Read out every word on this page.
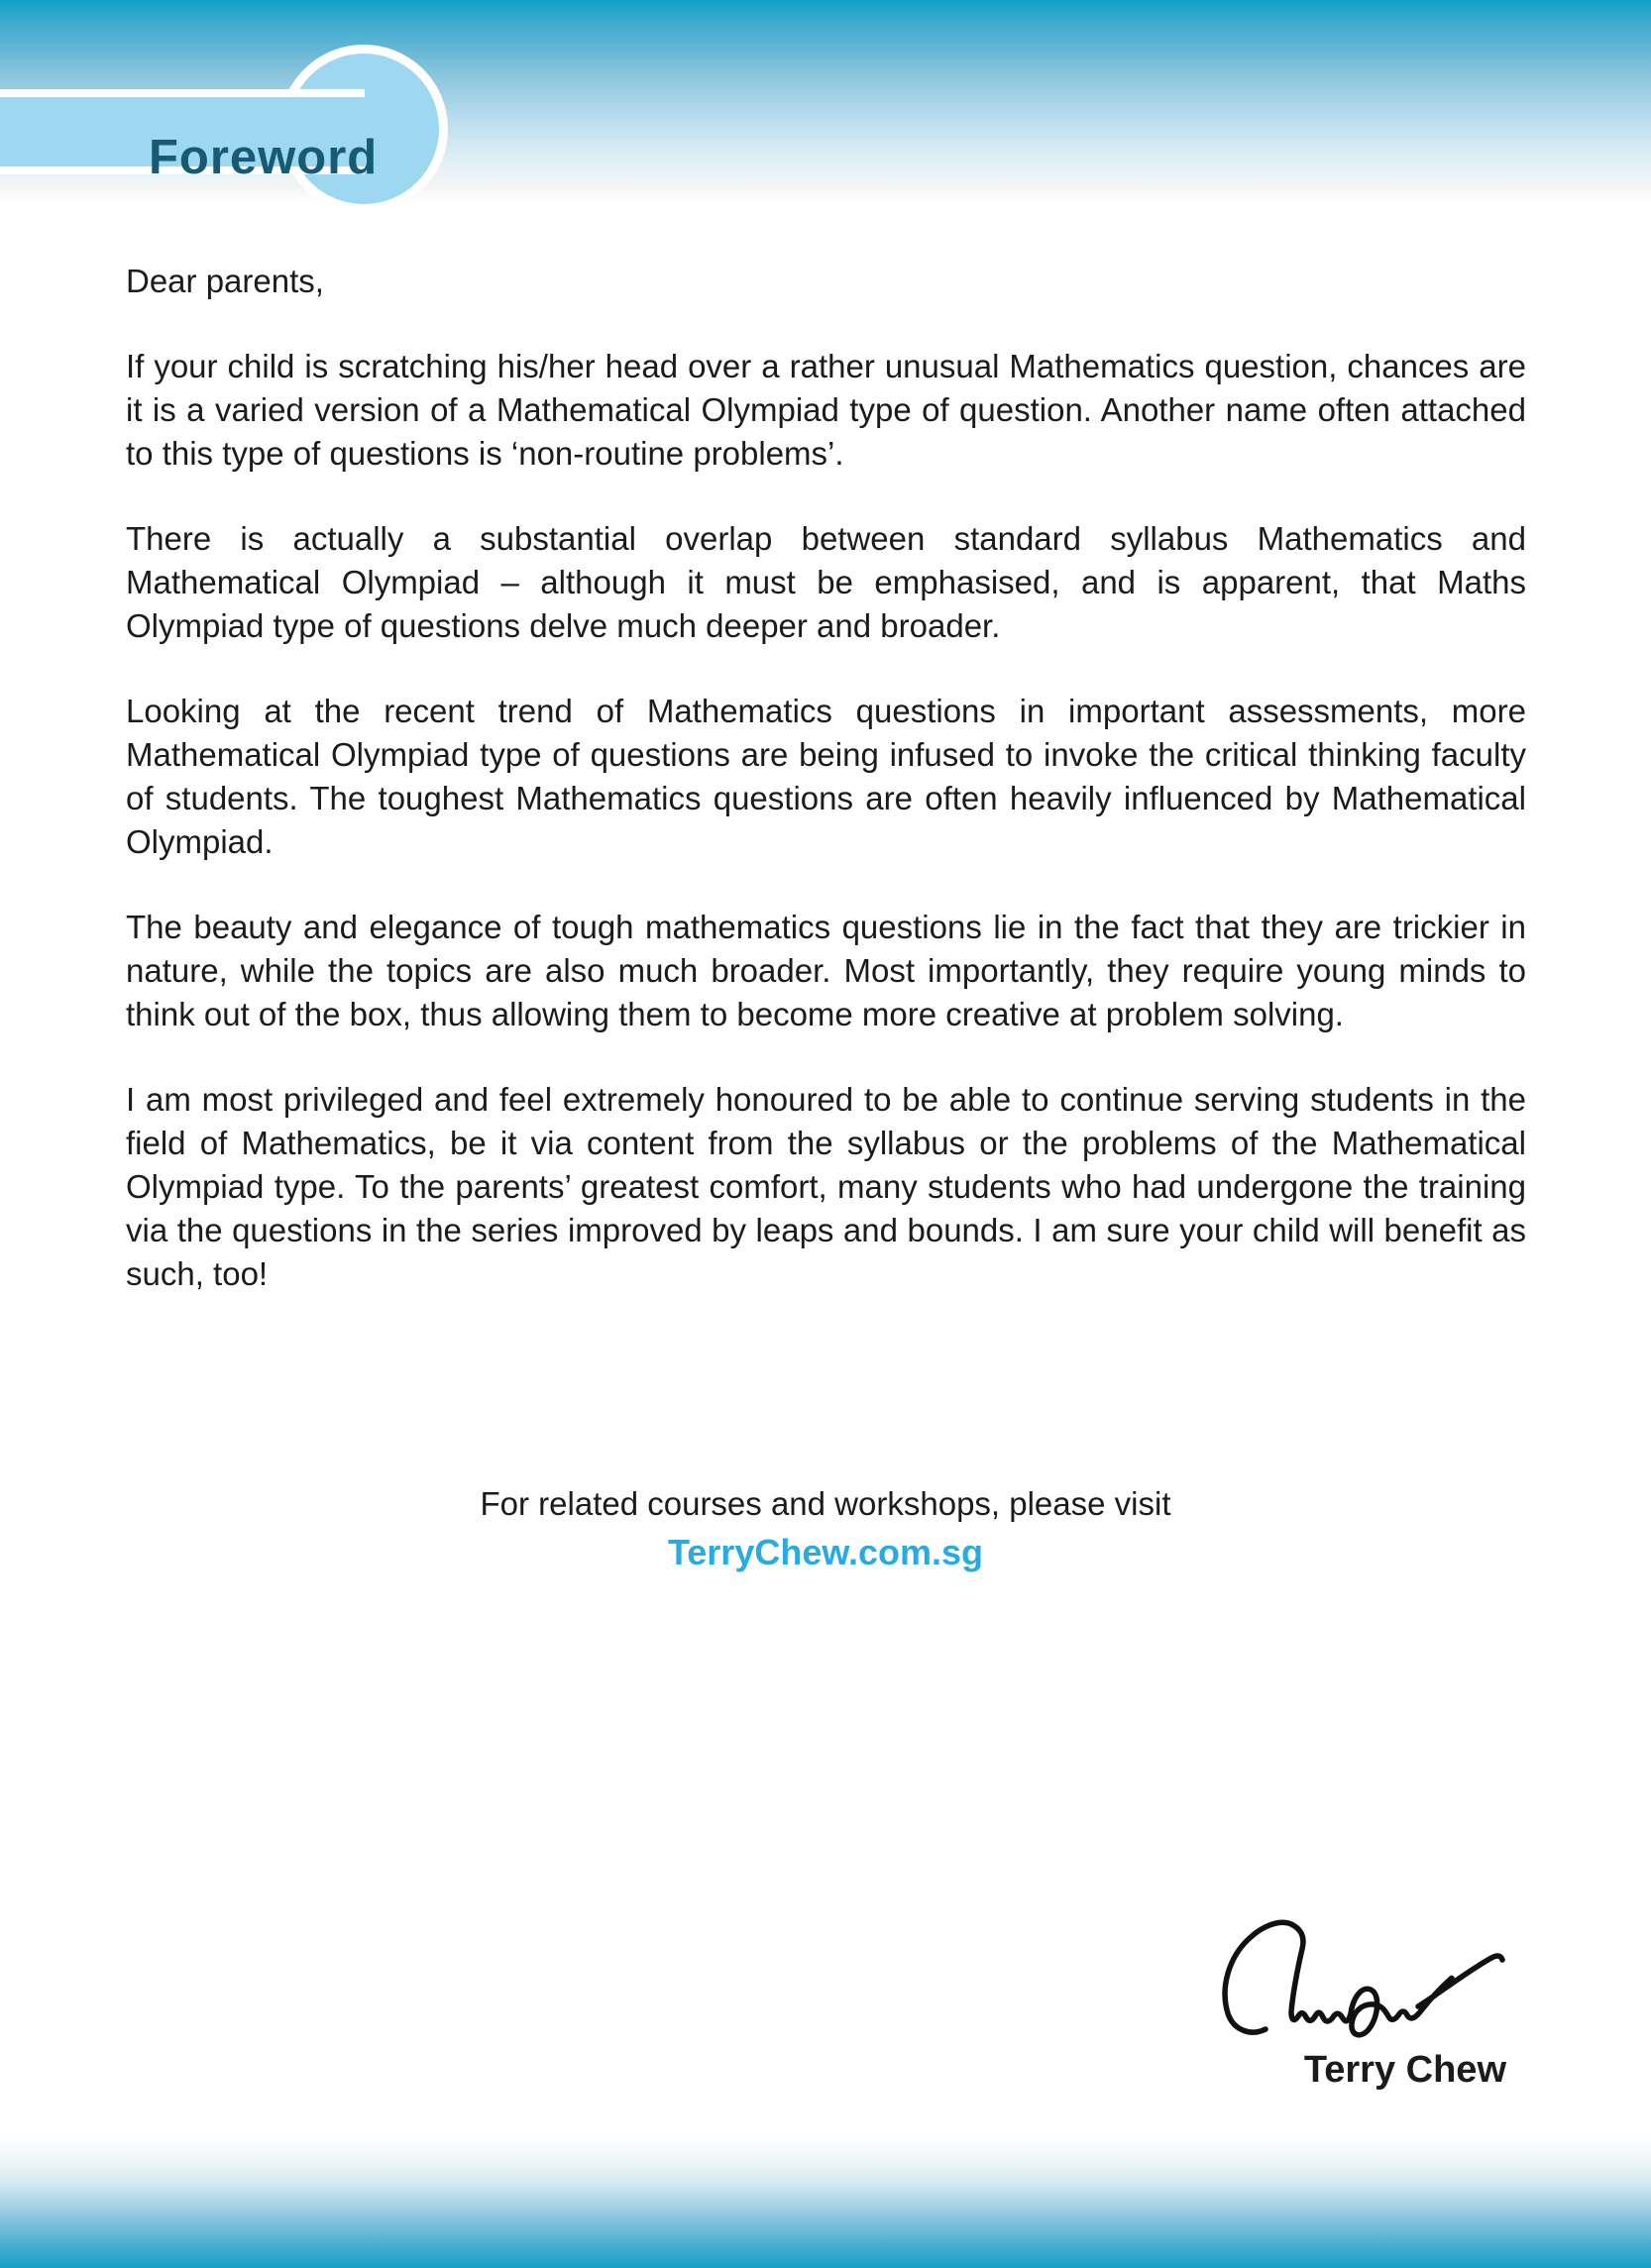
Foreword

Dear parents,

If your child is scratching his/her head over a rather unusual Mathematics question, chances are it is a varied version of a Mathematical Olympiad type of question. Another name often attached to this type of questions is ‘non-routine problems’.

There is actually a substantial overlap between standard syllabus Mathematics and Mathematical Olympiad – although it must be emphasised, and is apparent, that Maths Olympiad type of questions delve much deeper and broader.

Looking at the recent trend of Mathematics questions in important assessments, more Mathematical Olympiad type of questions are being infused to invoke the critical thinking faculty of students. The toughest Mathematics questions are often heavily influenced by Mathematical Olympiad.

The beauty and elegance of tough mathematics questions lie in the fact that they are trickier in nature, while the topics are also much broader. Most importantly, they require young minds to think out of the box, thus allowing them to become more creative at problem solving.

I am most privileged and feel extremely honoured to be able to continue serving students in the field of Mathematics, be it via content from the syllabus or the problems of the Mathematical Olympiad type. To the parents’ greatest comfort, many students who had undergone the training via the questions in the series improved by leaps and bounds. I am sure your child will benefit as such, too!

For related courses and workshops, please visit
TerryChew.com.sg
Terry Chew
